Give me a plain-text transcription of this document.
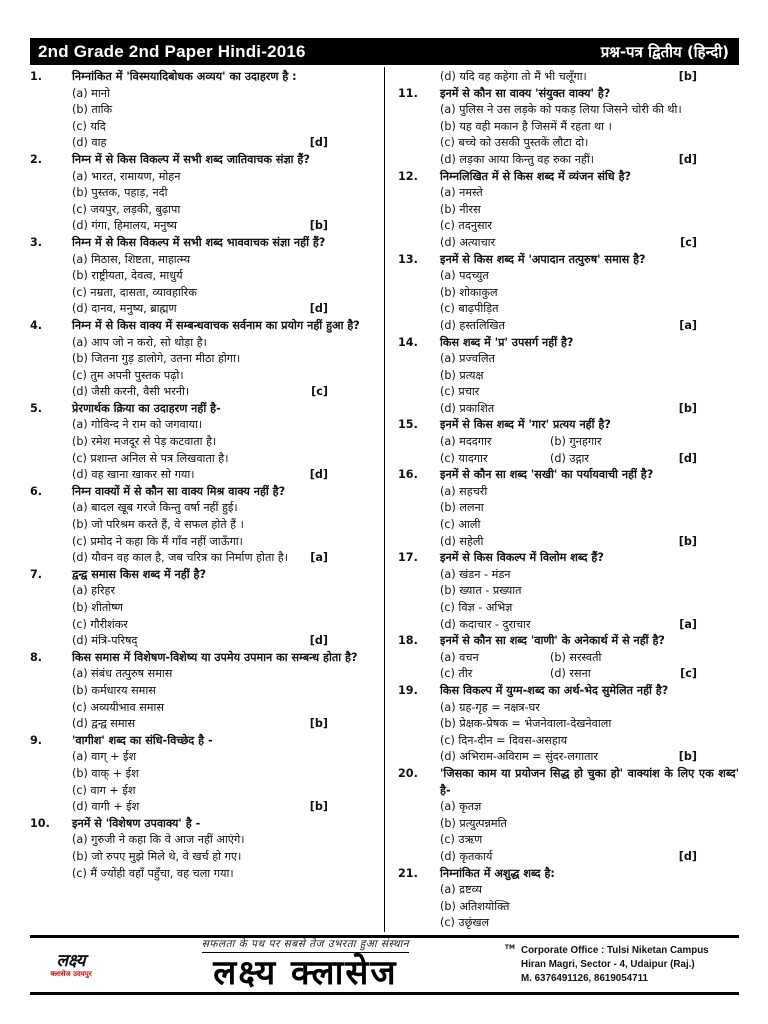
2nd Grade 2nd Paper Hindi-2016	प्रश्न-पत्र द्वितीय (हिन्दी)
1.	निम्नांकित में 'विस्मयादिबोधक अव्यय' का उदाहरण है :
(a) मानो
(b) ताकि
(c) यदि
(d) वाह	[d]
2.	निम्न में से किस विकल्प में सभी शब्द जातिवाचक संज्ञा हैं?
(a) भारत, रामायण, मोहन
(b) पुस्तक, पहाड़, नदी
(c) जयपुर, लड़की, बुढ़ापा
(d) गंगा, हिमालय, मनुष्य	[b]
3.	निम्न में से किस विकल्प में सभी शब्द भाववाचक संज्ञा नहीं हैं?
(a) मिठास, शिष्टता, माहात्म्य
(b) राष्ट्रीयता, देवत्व, माधुर्य
(c) नम्रता, दासता, व्यावहारिक
(d) दानव, मनुष्य, ब्राह्मण	[d]
4.	निम्न में से किस वाक्य में सम्बन्धवाचक सर्वनाम का प्रयोग नहीं हुआ है?
(a) आप जो न करो, सो थोड़ा है।
(b) जितना गुड़ डालोगे, उतना मीठा होगा।
(c) तुम अपनी पुस्तक पढ़ो।
(d) जैसी करनी, वैसी भरनी।	[c]
5.	प्रेरणार्थक क्रिया का उदाहरण नहीं है-
(a) गोविन्द ने राम को जगवाया।
(b) रमेश मजदूर से पेड़ कटवाता है।
(c) प्रशान्त अनिल से पत्र लिखवाता है।
(d) वह खाना खाकर सो गया।	[d]
6.	निम्न वाक्यों में से कौन सा वाक्य मिश्र वाक्य नहीं है?
(a) बादल खूब गरजे किन्तु वर्षा नहीं हुई।
(b) जो परिश्रम करते हैं, वे सफल होते हैं ।
(c) प्रमोद ने कहा कि मैं गाँव नहीं जाऊँगा।
(d) यौवन वह काल है, जब चरित्र का निर्माण होता है। [a]
7.	द्वन्द्व समास किस शब्द में नहीं है?
(a) हरिहर
(b) शीतोष्ण
(c) गौरीशंकर
(d) मंत्रि-परिषद्	[d]
8.	किस समास में विशेषण-विशेष्य या उपमेय उपमान का सम्बन्ध होता है?
(a) संबंध तत्पुरुष समास
(b) कर्मधारय समास
(c) अव्ययीभाव समास
(d) द्वन्द्व समास	[b]
9.	'वागीश' शब्द का संधि-विच्छेद है -
(a) वाग् + ईश
(b) वाक् + ईश
(c) वाग + ईश
(d) वागी + ईश	[b]
10.	इनमें से 'विशेषण उपवाक्य' है -
(a) गुरुजी ने कहा कि वे आज नहीं आएंगे।
(b) जो रुपए मुझे मिले थे, वे खर्च हो गए।
(c) मैं ज्योंही वहाँ पहुँचा, वह चला गया।
(d) यदि वह कहेगा तो मैं भी चलूँगा।	[b]
11.	इनमें से कौन सा वाक्य 'संयुक्त वाक्य' है?
(a) पुलिस ने उस लड़के को पकड़ लिया जिसने चोरी की थी।
(b) यह वही मकान है जिसमें मैं रहता था ।
(c) बच्चे को उसकी पुस्तकें लौटा दो।
(d) लड़का आया किन्तु वह रुका नहीं।	[d]
12.	निम्नलिखित में से किस शब्द में व्यंजन संधि है?
(a) नमस्ते
(b) नीरस
(c) तदनुसार
(d) अत्याचार	[c]
13.	इनमें से किस शब्द में 'अपादान तत्पुरुष' समास है?
(a) पदच्युत
(b) शोकाकुल
(c) बाढ़पीड़ित
(d) हस्तलिखित	[a]
14.	किस शब्द में 'प्र' उपसर्ग नहीं है?
(a) प्रज्वलित
(b) प्रत्यक्ष
(c) प्रचार
(d) प्रकाशित	[b]
15.	इनमें से किस शब्द में 'गार' प्रत्यय नहीं है?
(a) मददगार	(b) गुनहगार
(c) यादगार	(d) उद्गार	[d]
16.	इनमें से कौन सा शब्द 'सखी' का पर्यायवाची नहीं है?
(a) सहचरी
(b) ललना
(c) आली
(d) सहेली	[b]
17.	इनमें से किस विकल्प में विलोम शब्द हैं?
(a) खंडन - मंडन
(b) ख्यात - प्रख्यात
(c) विज्ञ - अभिज्ञ
(d) कदाचार - दुराचार	[a]
18.	इनमें से कौन सा शब्द 'वाणी' के अनेकार्थ में से नहीं है?
(a) वचन	(b) सरस्वती
(c) तीर	(d) रसना	[c]
19.	किस विकल्प में युग्म-शब्द का अर्थ-भेद सुमेलित नहीं है?
(a) ग्रह-गृह = नक्षत्र-घर
(b) प्रेक्षक-प्रेषक = भेजनेवाला-देखनेवाला
(c) दिन-दीन = दिवस-असहाय
(d) अभिराम-अविराम = सुंदर-लगातार	[b]
20.	'जिसका काम या प्रयोजन सिद्ध हो चुका हो' वाक्यांश के लिए एक शब्द' है-
(a) कृतज्ञ
(b) प्रत्युत्पन्नमति
(c) उऋण
(d) कृतकार्य	[d]
21.	निम्नांकित में अशुद्ध शब्द है:
(a) द्रष्टव्य
(b) अतिशयोक्ति
(c) उछृंखल
लक्ष्य
क्लासेज उदयपुर
सफलता के पथ पर सबसे तेज उभरता हुआ संस्थान
लक्ष्य क्लासेज
TM Corporate Office : Tulsi Niketan Campus
Hiran Magri, Sector - 4, Udaipur (Raj.)
M. 6376491126, 8619054711
